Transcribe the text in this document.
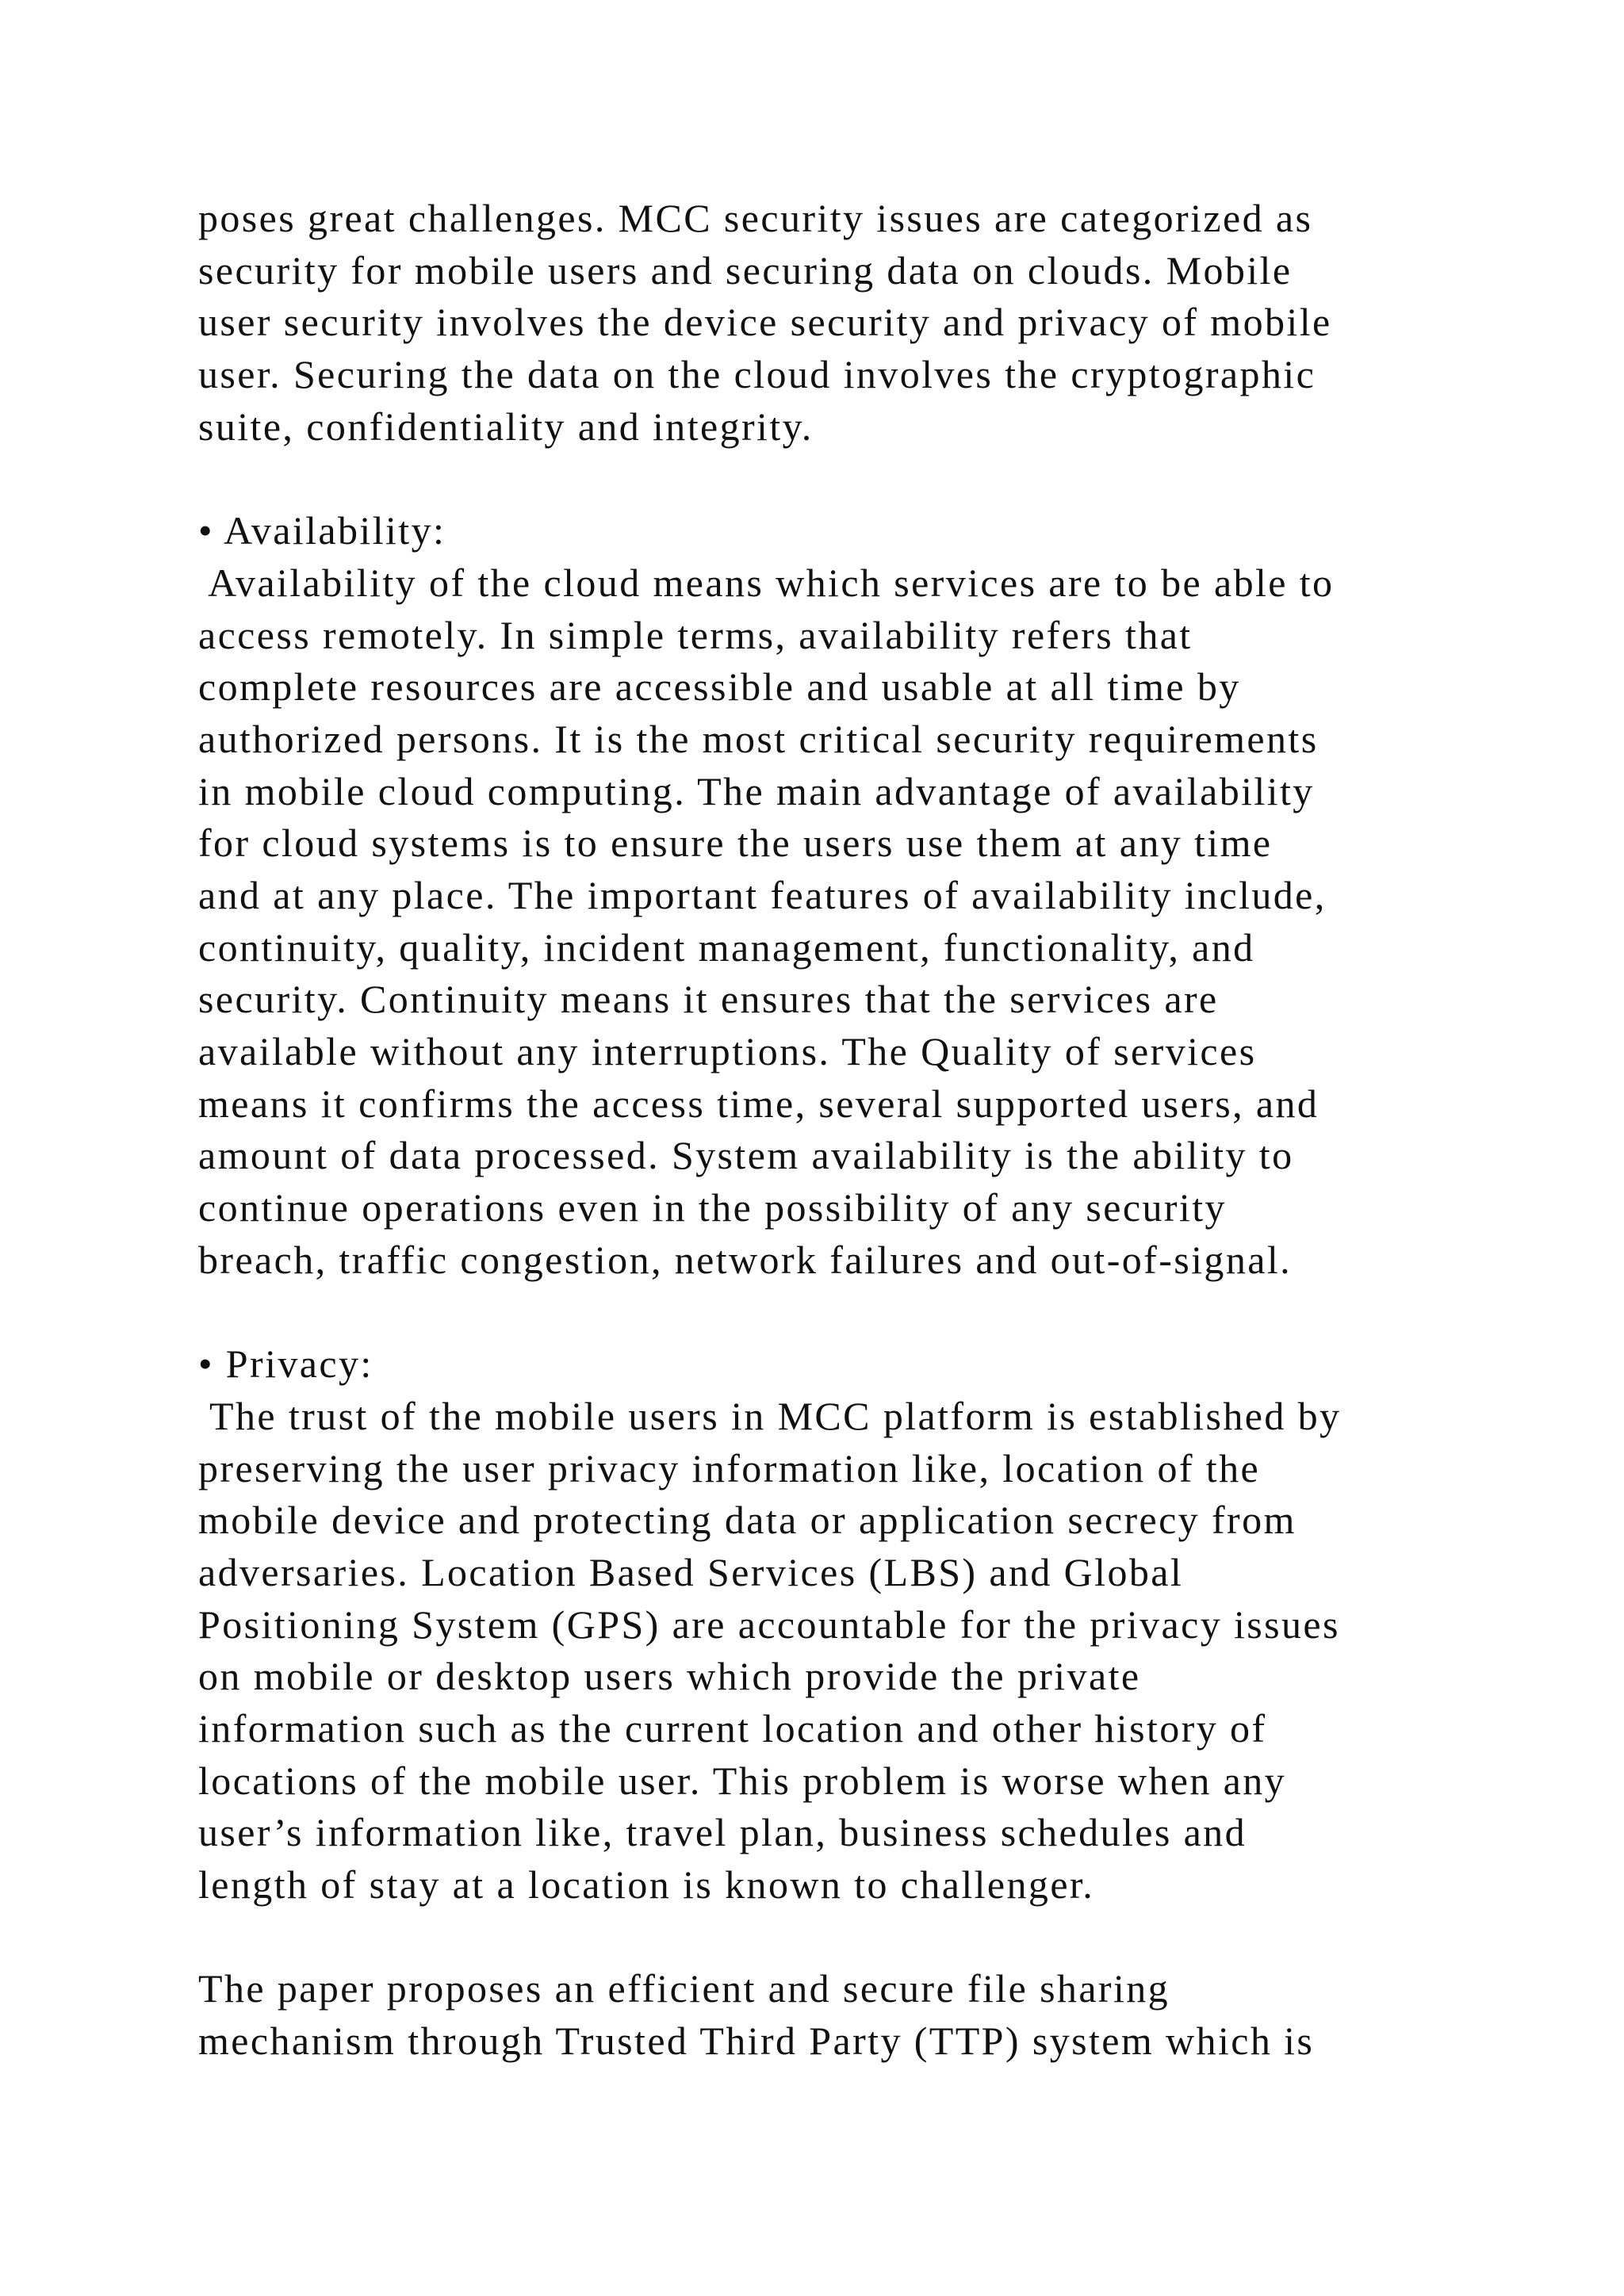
poses great challenges. MCC security issues are categorized as
security for mobile users and securing data on clouds. Mobile
user security involves the device security and privacy of mobile
user. Securing the data on the cloud involves the cryptographic
suite, confidentiality and integrity.
• Availability:
Availability of the cloud means which services are to be able to
access remotely. In simple terms, availability refers that
complete resources are accessible and usable at all time by
authorized persons. It is the most critical security requirements
in mobile cloud computing. The main advantage of availability
for cloud systems is to ensure the users use them at any time
and at any place. The important features of availability include,
continuity, quality, incident management, functionality, and
security. Continuity means it ensures that the services are
available without any interruptions. The Quality of services
means it confirms the access time, several supported users, and
amount of data processed. System availability is the ability to
continue operations even in the possibility of any security
breach, traffic congestion, network failures and out-of-signal.
• Privacy:
The trust of the mobile users in MCC platform is established by
preserving the user privacy information like, location of the
mobile device and protecting data or application secrecy from
adversaries. Location Based Services (LBS) and Global
Positioning System (GPS) are accountable for the privacy issues
on mobile or desktop users which provide the private
information such as the current location and other history of
locations of the mobile user. This problem is worse when any
user’s information like, travel plan, business schedules and
length of stay at a location is known to challenger.
The paper proposes an efficient and secure file sharing
mechanism through Trusted Third Party (TTP) system which is
